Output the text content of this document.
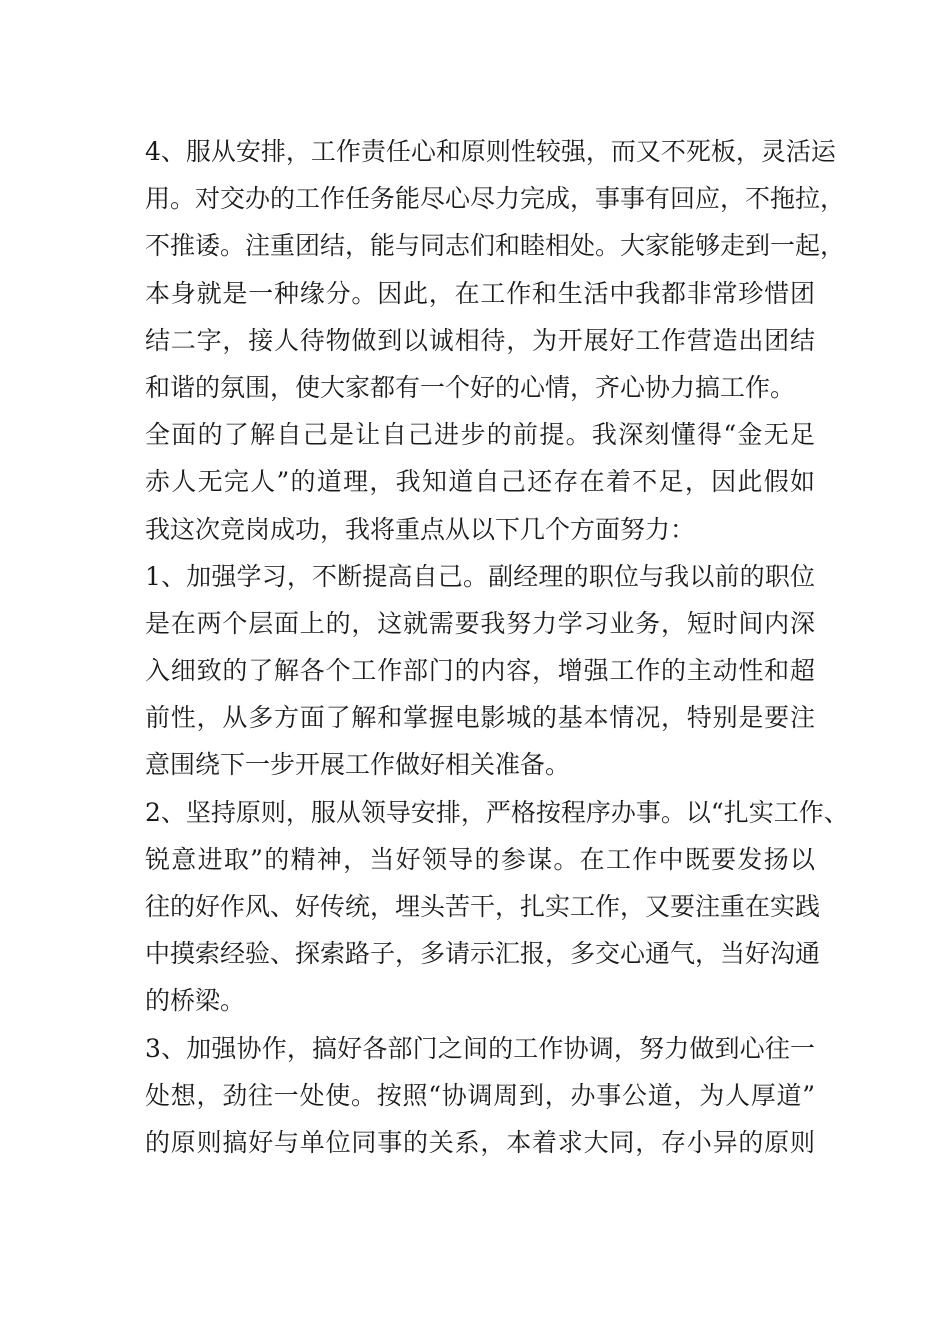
4、服从安排，工作责任心和原则性较强，而又不死板，灵活运
用。对交办的工作任务能尽心尽力完成，事事有回应，不拖拉，
不推诿。注重团结，能与同志们和睦相处。大家能够走到一起，
本身就是一种缘分。因此，在工作和生活中我都非常珍惜团
结二字，接人待物做到以诚相待，为开展好工作营造出团结
和谐的氛围，使大家都有一个好的心情，齐心协力搞工作。
全面的了解自己是让自己进步的前提。我深刻懂得“金无足
赤人无完人”的道理，我知道自己还存在着不足，因此假如
我这次竞岗成功，我将重点从以下几个方面努力：
1、加强学习，不断提高自己。副经理的职位与我以前的职位
是在两个层面上的，这就需要我努力学习业务，短时间内深
入细致的了解各个工作部门的内容，增强工作的主动性和超
前性，从多方面了解和掌握电影城的基本情况，特别是要注
意围绕下一步开展工作做好相关准备。
2、坚持原则，服从领导安排，严格按程序办事。以“扎实工作、
锐意进取”的精神，当好领导的参谋。在工作中既要发扬以
往的好作风、好传统，埋头苦干，扎实工作，又要注重在实践
中摸索经验、探索路子，多请示汇报，多交心通气，当好沟通
的桥梁。
3、加强协作，搞好各部门之间的工作协调，努力做到心往一
处想，劲往一处使。按照“协调周到，办事公道，为人厚道”
的原则搞好与单位同事的关系，本着求大同，存小异的原则
